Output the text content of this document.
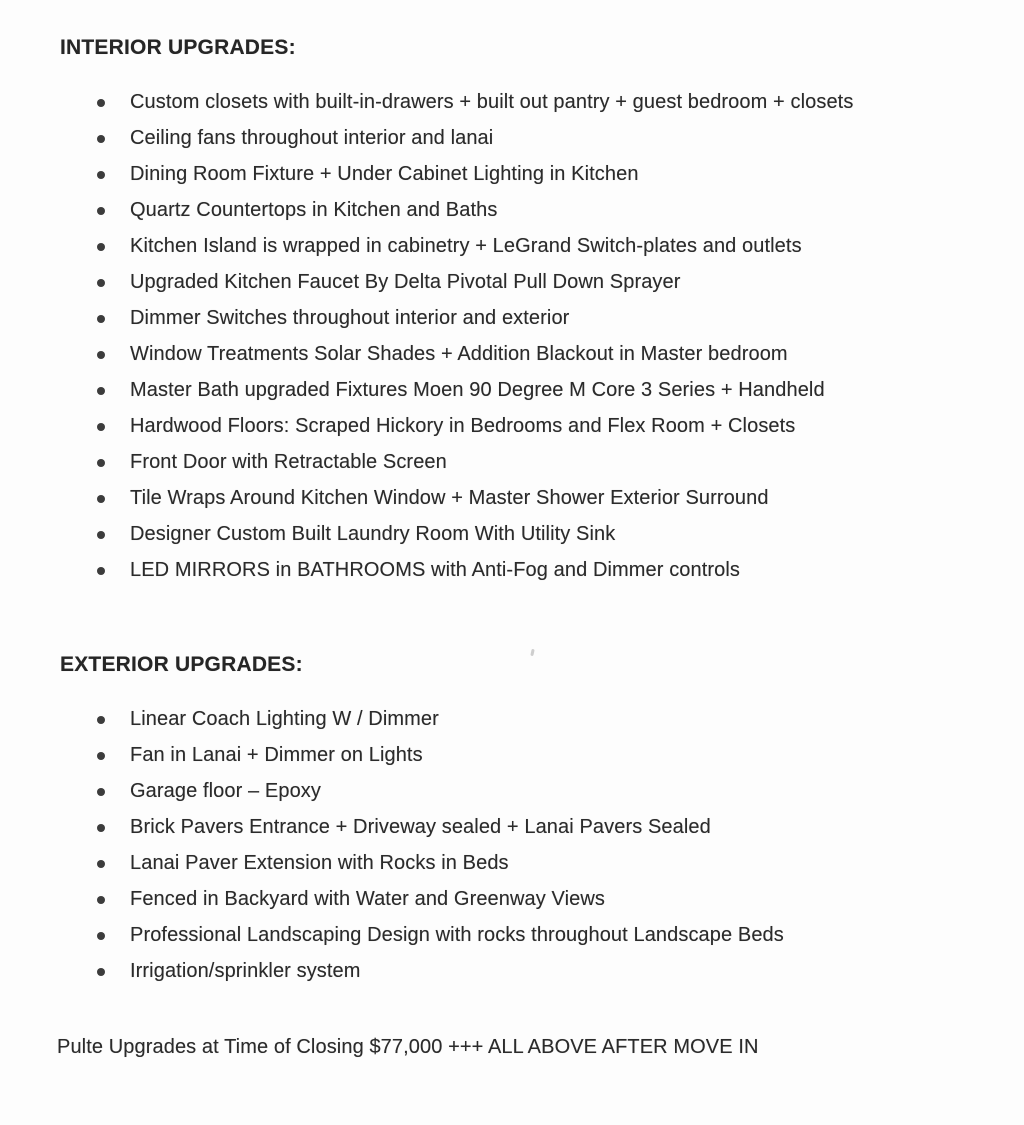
INTERIOR UPGRADES:
Custom closets with built-in-drawers + built out pantry + guest bedroom + closets
Ceiling fans throughout interior and lanai
Dining Room Fixture + Under Cabinet Lighting in Kitchen
Quartz Countertops in Kitchen and Baths
Kitchen Island is wrapped in cabinetry + LeGrand Switch-plates and outlets
Upgraded Kitchen Faucet By Delta Pivotal Pull Down Sprayer
Dimmer Switches throughout interior and exterior
Window Treatments Solar Shades + Addition Blackout in Master bedroom
Master Bath upgraded Fixtures Moen 90 Degree M Core 3 Series + Handheld
Hardwood Floors: Scraped Hickory in Bedrooms and Flex Room + Closets
Front Door with Retractable Screen
Tile Wraps Around Kitchen Window + Master Shower Exterior Surround
Designer Custom Built Laundry Room With Utility Sink
LED MIRRORS in BATHROOMS with Anti-Fog and Dimmer controls
EXTERIOR UPGRADES:
Linear Coach Lighting W / Dimmer
Fan in Lanai + Dimmer on Lights
Garage floor – Epoxy
Brick Pavers Entrance + Driveway sealed + Lanai Pavers Sealed
Lanai Paver Extension with Rocks in Beds
Fenced in Backyard with Water and Greenway Views
Professional Landscaping Design with rocks throughout Landscape Beds
Irrigation/sprinkler system
Pulte Upgrades at Time of Closing $77,000 +++ ALL ABOVE AFTER MOVE IN
